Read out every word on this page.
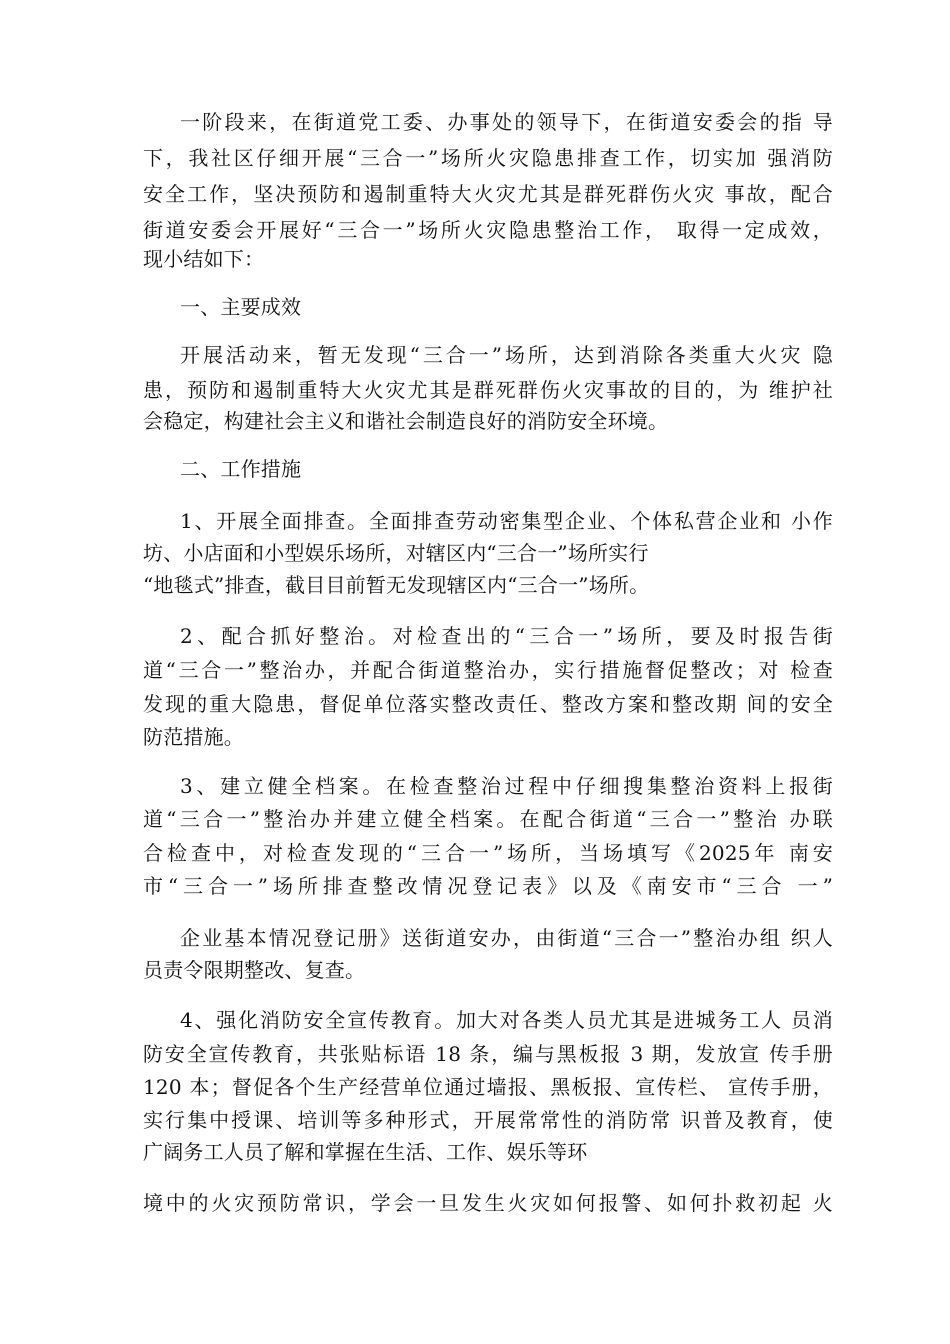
一阶段来，在街道党工委、办事处的领导下，在街道安委会的指 导
下，我社区仔细开展“三合一”场所火灾隐患排查工作，切实加 强消防
安全工作，坚决预防和遏制重特大火灾尤其是群死群伤火灾 事故，配合
街道安委会开展好“三合一”场所火灾隐患整治工作， 取得一定成效，
现小结如下：
一、主要成效
开展活动来，暂无发现“三合一”场所，达到消除各类重大火灾 隐
患，预防和遏制重特大火灾尤其是群死群伤火灾事故的目的，为 维护社
会稳定，构建社会主义和谐社会制造良好的消防安全环境。
二、工作措施
1、开展全面排查。全面排查劳动密集型企业、个体私营企业和 小作
坊、小店面和小型娱乐场所，对辖区内“三合一”场所实行
“地毯式”排查，截目目前暂无发现辖区内“三合一”场所。
2、配合抓好整治。对检查出的“三合一”场所，要及时报告街
道“三合一”整治办，并配合街道整治办，实行措施督促整改；对 检查
发现的重大隐患，督促单位落实整改责任、整改方案和整改期 间的安全
防范措施。
3、建立健全档案。在检查整治过程中仔细搜集整治资料上报街
道“三合一”整治办并建立健全档案。在配合街道“三合一”整治 办联
合检查中，对检查发现的“三合一”场所，当场填写《2025年 南安
市“三合一”场所排查整改情况登记表》以及《南安市“三合 一”
企业基本情况登记册》送街道安办，由街道“三合一”整治办组 织人
员责令限期整改、复查。
4、强化消防安全宣传教育。加大对各类人员尤其是进城务工人 员消
防安全宣传教育，共张贴标语 18 条，编与黑板报 3 期，发放宣 传手册
120 本；督促各个生产经营单位通过墙报、黑板报、宣传栏、 宣传手册，
实行集中授课、培训等多种形式，开展常常性的消防常 识普及教育，使
广阔务工人员了解和掌握在生活、工作、娱乐等环
境中的火灾预防常识，学会一旦发生火灾如何报警、如何扑救初起 火
